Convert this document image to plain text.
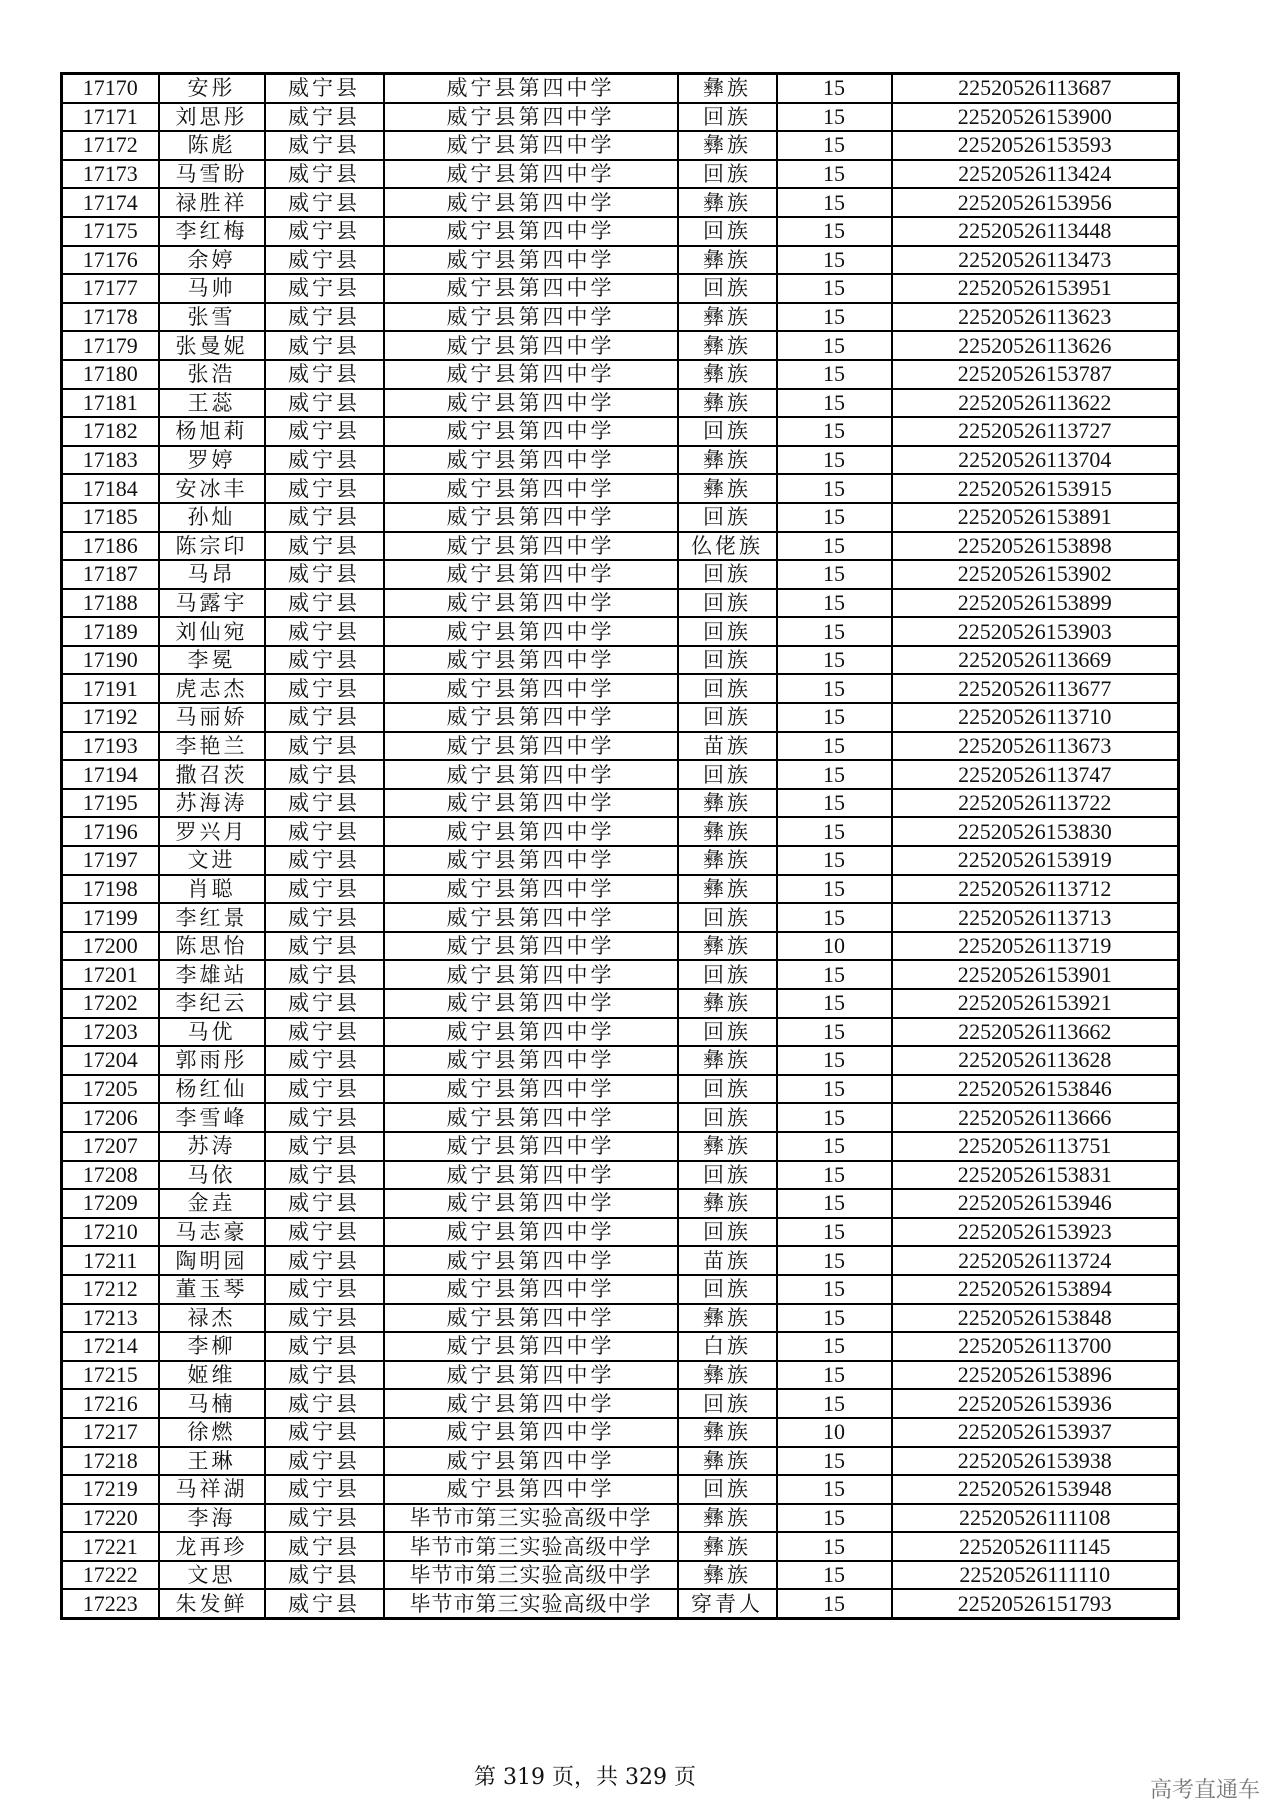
17170	安彤	威宁县	威宁县第四中学	彝族	15	22520526113687
17171	刘思彤	威宁县	威宁县第四中学	回族	15	22520526153900
17172	陈彪	威宁县	威宁县第四中学	彝族	15	22520526153593
17173	马雪盼	威宁县	威宁县第四中学	回族	15	22520526113424
17174	禄胜祥	威宁县	威宁县第四中学	彝族	15	22520526153956
17175	李红梅	威宁县	威宁县第四中学	回族	15	22520526113448
17176	余婷	威宁县	威宁县第四中学	彝族	15	22520526113473
17177	马帅	威宁县	威宁县第四中学	回族	15	22520526153951
17178	张雪	威宁县	威宁县第四中学	彝族	15	22520526113623
17179	张曼妮	威宁县	威宁县第四中学	彝族	15	22520526113626
17180	张浩	威宁县	威宁县第四中学	彝族	15	22520526153787
17181	王蕊	威宁县	威宁县第四中学	彝族	15	22520526113622
17182	杨旭莉	威宁县	威宁县第四中学	回族	15	22520526113727
17183	罗婷	威宁县	威宁县第四中学	彝族	15	22520526113704
17184	安冰丰	威宁县	威宁县第四中学	彝族	15	22520526153915
17185	孙灿	威宁县	威宁县第四中学	回族	15	22520526153891
17186	陈宗印	威宁县	威宁县第四中学	仫佬族	15	22520526153898
17187	马昂	威宁县	威宁县第四中学	回族	15	22520526153902
17188	马露宇	威宁县	威宁县第四中学	回族	15	22520526153899
17189	刘仙宛	威宁县	威宁县第四中学	回族	15	22520526153903
17190	李冕	威宁县	威宁县第四中学	回族	15	22520526113669
17191	虎志杰	威宁县	威宁县第四中学	回族	15	22520526113677
17192	马丽娇	威宁县	威宁县第四中学	回族	15	22520526113710
17193	李艳兰	威宁县	威宁县第四中学	苗族	15	22520526113673
17194	撒召茨	威宁县	威宁县第四中学	回族	15	22520526113747
17195	苏海涛	威宁县	威宁县第四中学	彝族	15	22520526113722
17196	罗兴月	威宁县	威宁县第四中学	彝族	15	22520526153830
17197	文进	威宁县	威宁县第四中学	彝族	15	22520526153919
17198	肖聪	威宁县	威宁县第四中学	彝族	15	22520526113712
17199	李红景	威宁县	威宁县第四中学	回族	15	22520526113713
17200	陈思怡	威宁县	威宁县第四中学	彝族	10	22520526113719
17201	李雄站	威宁县	威宁县第四中学	回族	15	22520526153901
17202	李纪云	威宁县	威宁县第四中学	彝族	15	22520526153921
17203	马优	威宁县	威宁县第四中学	回族	15	22520526113662
17204	郭雨彤	威宁县	威宁县第四中学	彝族	15	22520526113628
17205	杨红仙	威宁县	威宁县第四中学	回族	15	22520526153846
17206	李雪峰	威宁县	威宁县第四中学	回族	15	22520526113666
17207	苏涛	威宁县	威宁县第四中学	彝族	15	22520526113751
17208	马依	威宁县	威宁县第四中学	回族	15	22520526153831
17209	金垚	威宁县	威宁县第四中学	彝族	15	22520526153946
17210	马志豪	威宁县	威宁县第四中学	回族	15	22520526153923
17211	陶明园	威宁县	威宁县第四中学	苗族	15	22520526113724
17212	董玉琴	威宁县	威宁县第四中学	回族	15	22520526153894
17213	禄杰	威宁县	威宁县第四中学	彝族	15	22520526153848
17214	李柳	威宁县	威宁县第四中学	白族	15	22520526113700
17215	姬维	威宁县	威宁县第四中学	彝族	15	22520526153896
17216	马楠	威宁县	威宁县第四中学	回族	15	22520526153936
17217	徐燃	威宁县	威宁县第四中学	彝族	10	22520526153937
17218	王琳	威宁县	威宁县第四中学	彝族	15	22520526153938
17219	马祥湖	威宁县	威宁县第四中学	回族	15	22520526153948
17220	李海	威宁县	毕节市第三实验高级中学	彝族	15	22520526111108
17221	龙再珍	威宁县	毕节市第三实验高级中学	彝族	15	22520526111145
17222	文思	威宁县	毕节市第三实验高级中学	彝族	15	22520526111110
17223	朱发鲜	威宁县	毕节市第三实验高级中学	穿青人	15	22520526151793
第 319 页，共 329 页
高考直通车
